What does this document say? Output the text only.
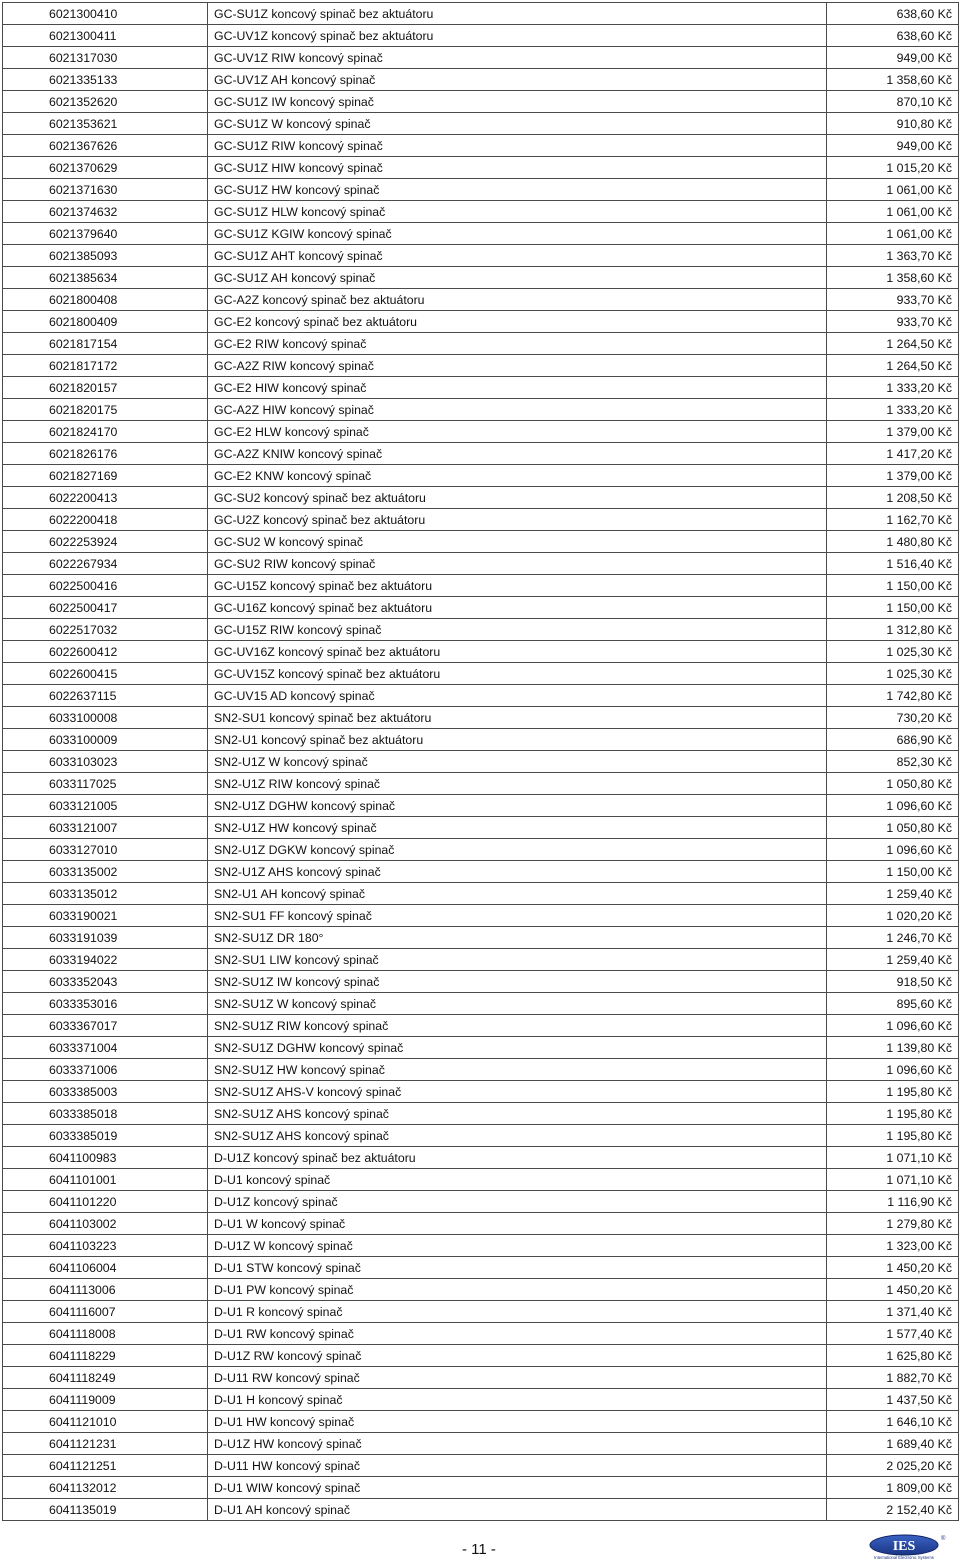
6021300410	GC-SU1Z koncový spinač bez aktuátoru	638,60 Kč
6021300411	GC-UV1Z koncový spinač bez aktuátoru	638,60 Kč
6021317030	GC-UV1Z RIW koncový spinač	949,00 Kč
6021335133	GC-UV1Z AH koncový spinač	1 358,60 Kč
6021352620	GC-SU1Z IW koncový spinač	870,10 Kč
6021353621	GC-SU1Z W koncový spinač	910,80 Kč
6021367626	GC-SU1Z RIW koncový spinač	949,00 Kč
6021370629	GC-SU1Z HIW koncový spinač	1 015,20 Kč
6021371630	GC-SU1Z HW koncový spinač	1 061,00 Kč
6021374632	GC-SU1Z HLW koncový spinač	1 061,00 Kč
6021379640	GC-SU1Z KGIW koncový spinač	1 061,00 Kč
6021385093	GC-SU1Z AHT koncový spinač	1 363,70 Kč
6021385634	GC-SU1Z AH koncový spinač	1 358,60 Kč
6021800408	GC-A2Z koncový spinač bez aktuátoru	933,70 Kč
6021800409	GC-E2 koncový spinač bez aktuátoru	933,70 Kč
6021817154	GC-E2 RIW koncový spinač	1 264,50 Kč
6021817172	GC-A2Z RIW koncový spinač	1 264,50 Kč
6021820157	GC-E2 HIW koncový spinač	1 333,20 Kč
6021820175	GC-A2Z HIW koncový spinač	1 333,20 Kč
6021824170	GC-E2 HLW koncový spinač	1 379,00 Kč
6021826176	GC-A2Z KNIW koncový spinač	1 417,20 Kč
6021827169	GC-E2 KNW koncový spinač	1 379,00 Kč
6022200413	GC-SU2 koncový spinač bez aktuátoru	1 208,50 Kč
6022200418	GC-U2Z koncový spinač bez aktuátoru	1 162,70 Kč
6022253924	GC-SU2 W koncový spinač	1 480,80 Kč
6022267934	GC-SU2 RIW koncový spinač	1 516,40 Kč
6022500416	GC-U15Z koncový spinač bez aktuátoru	1 150,00 Kč
6022500417	GC-U16Z koncový spinač bez aktuátoru	1 150,00 Kč
6022517032	GC-U15Z RIW koncový spinač	1 312,80 Kč
6022600412	GC-UV16Z koncový spinač bez aktuátoru	1 025,30 Kč
6022600415	GC-UV15Z koncový spinač bez aktuátoru	1 025,30 Kč
6022637115	GC-UV15 AD koncový spinač	1 742,80 Kč
6033100008	SN2-SU1 koncový spinač bez aktuátoru	730,20 Kč
6033100009	SN2-U1 koncový spinač bez aktuátoru	686,90 Kč
6033103023	SN2-U1Z W koncový spinač	852,30 Kč
6033117025	SN2-U1Z RIW koncový spinač	1 050,80 Kč
6033121005	SN2-U1Z DGHW koncový spinač	1 096,60 Kč
6033121007	SN2-U1Z HW koncový spinač	1 050,80 Kč
6033127010	SN2-U1Z DGKW koncový spinač	1 096,60 Kč
6033135002	SN2-U1Z AHS koncový spinač	1 150,00 Kč
6033135012	SN2-U1 AH koncový spinač	1 259,40 Kč
6033190021	SN2-SU1 FF koncový spinač	1 020,20 Kč
6033191039	SN2-SU1Z DR 180°	1 246,70 Kč
6033194022	SN2-SU1 LIW koncový spinač	1 259,40 Kč
6033352043	SN2-SU1Z IW koncový spinač	918,50 Kč
6033353016	SN2-SU1Z W koncový spinač	895,60 Kč
6033367017	SN2-SU1Z RIW koncový spinač	1 096,60 Kč
6033371004	SN2-SU1Z DGHW koncový spinač	1 139,80 Kč
6033371006	SN2-SU1Z HW koncový spinač	1 096,60 Kč
6033385003	SN2-SU1Z AHS-V koncový spinač	1 195,80 Kč
6033385018	SN2-SU1Z AHS koncový spinač	1 195,80 Kč
6033385019	SN2-SU1Z AHS koncový spinač	1 195,80 Kč
6041100983	D-U1Z koncový spinač bez aktuátoru	1 071,10 Kč
6041101001	D-U1 koncový spinač	1 071,10 Kč
6041101220	D-U1Z koncový spinač	1 116,90 Kč
6041103002	D-U1 W koncový spinač	1 279,80 Kč
6041103223	D-U1Z W koncový spinač	1 323,00 Kč
6041106004	D-U1 STW koncový spinač	1 450,20 Kč
6041113006	D-U1 PW koncový spinač	1 450,20 Kč
6041116007	D-U1 R koncový spinač	1 371,40 Kč
6041118008	D-U1 RW koncový spinač	1 577,40 Kč
6041118229	D-U1Z RW koncový spinač	1 625,80 Kč
6041118249	D-U11 RW koncový spinač	1 882,70 Kč
6041119009	D-U1 H koncový spinač	1 437,50 Kč
6041121010	D-U1 HW koncový spinač	1 646,10 Kč
6041121231	D-U1Z HW koncový spinač	1 689,40 Kč
6041121251	D-U11 HW koncový spinač	2 025,20 Kč
6041132012	D-U1 WIW koncový spinač	1 809,00 Kč
6041135019	D-U1 AH koncový spinač	2 152,40 Kč
- 11 -	IES	®
International Electronic Systems
